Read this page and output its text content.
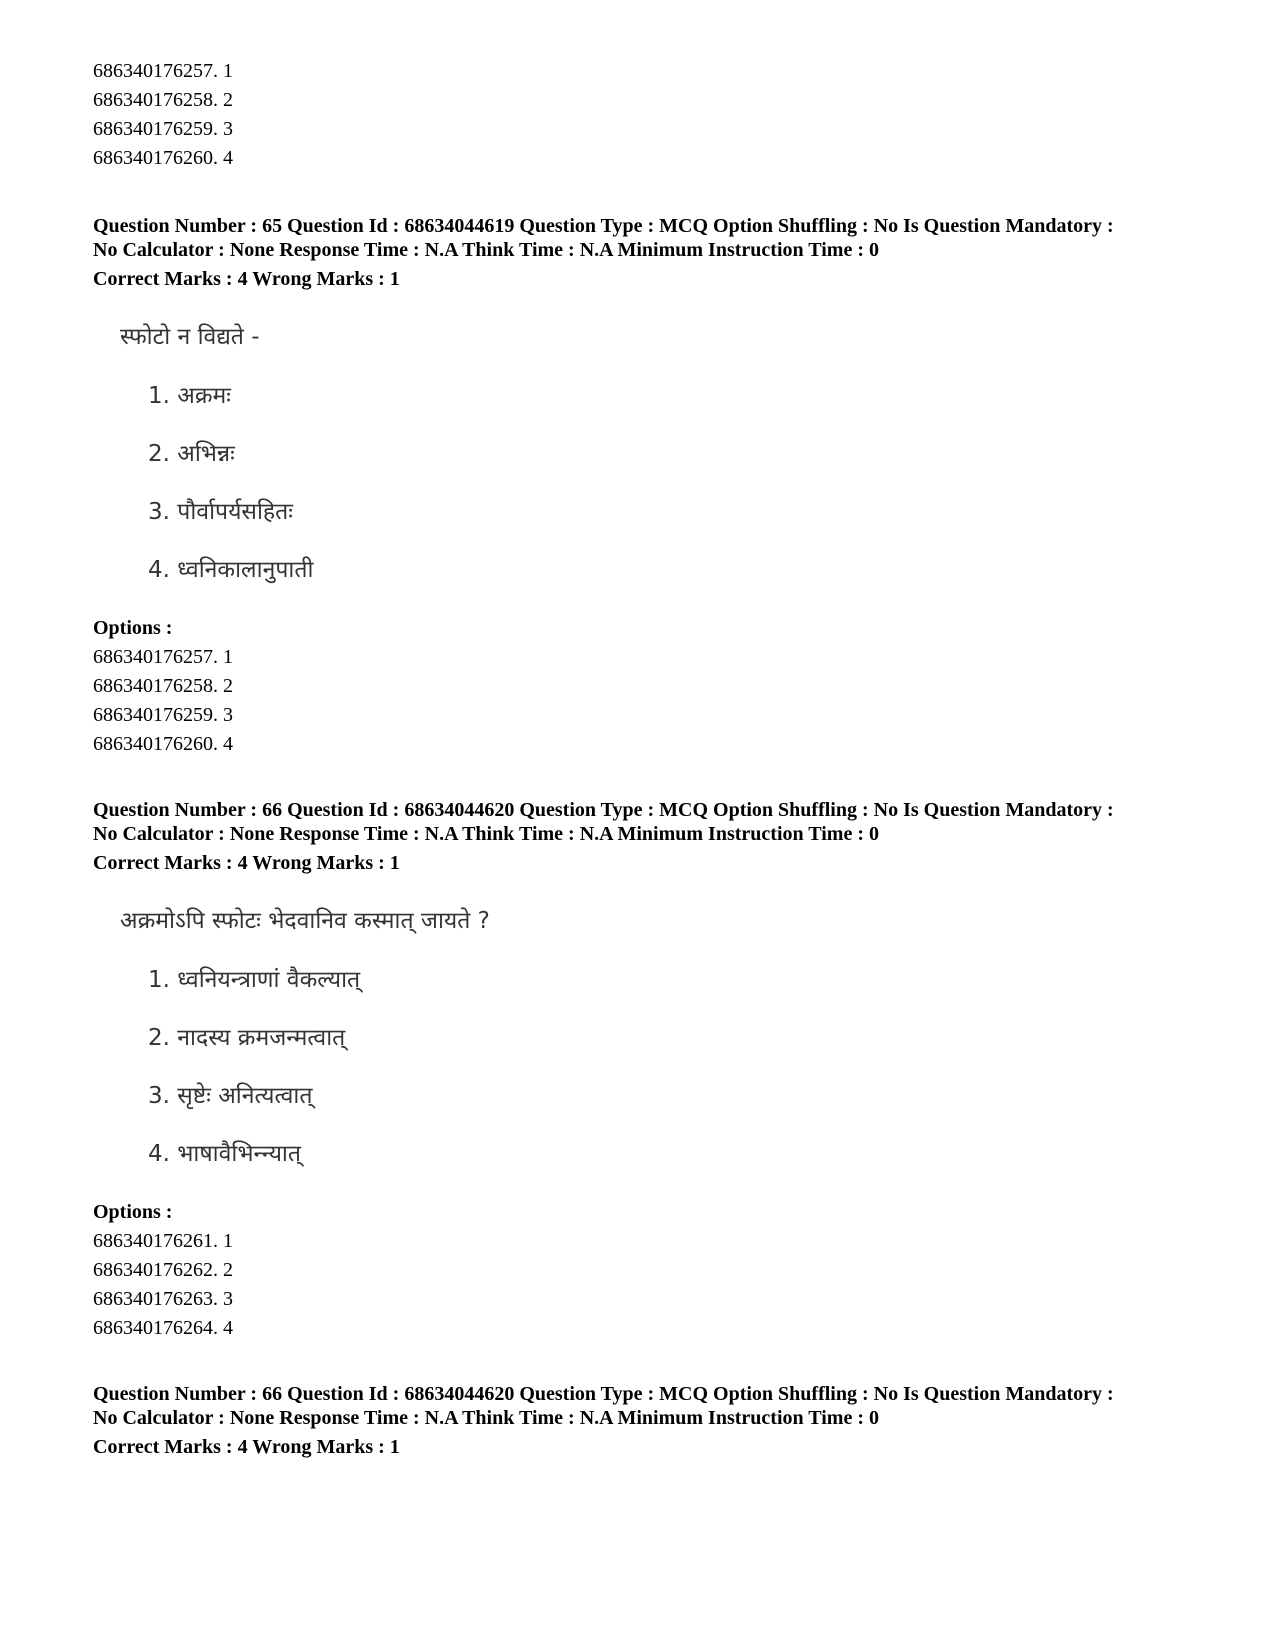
686340176257. 1
686340176258. 2
686340176259. 3
686340176260. 4
Question Number : 65 Question Id : 68634044619 Question Type : MCQ Option Shuffling : No Is Question Mandatory :
No Calculator : None Response Time : N.A Think Time : N.A Minimum Instruction Time : 0
Correct Marks : 4 Wrong Marks : 1
स्फोटो न विद्यते -
1. अक्रमः
2. अभिन्नः
3. पौर्वापर्यसहितः
4. ध्वनिकालानुपाती
Options :
686340176257. 1
686340176258. 2
686340176259. 3
686340176260. 4
Question Number : 66 Question Id : 68634044620 Question Type : MCQ Option Shuffling : No Is Question Mandatory :
No Calculator : None Response Time : N.A Think Time : N.A Minimum Instruction Time : 0
Correct Marks : 4 Wrong Marks : 1
अक्रमोऽपि स्फोटः भेदवानिव कस्मात् जायते ?
1. ध्वनियन्त्राणां वैकल्यात्
2. नादस्य क्रमजन्मत्वात्
3. सृष्टेः अनित्यत्वात्
4. भाषावैभिन्न्यात्
Options :
686340176261. 1
686340176262. 2
686340176263. 3
686340176264. 4
Question Number : 66 Question Id : 68634044620 Question Type : MCQ Option Shuffling : No Is Question Mandatory :
No Calculator : None Response Time : N.A Think Time : N.A Minimum Instruction Time : 0
Correct Marks : 4 Wrong Marks : 1
